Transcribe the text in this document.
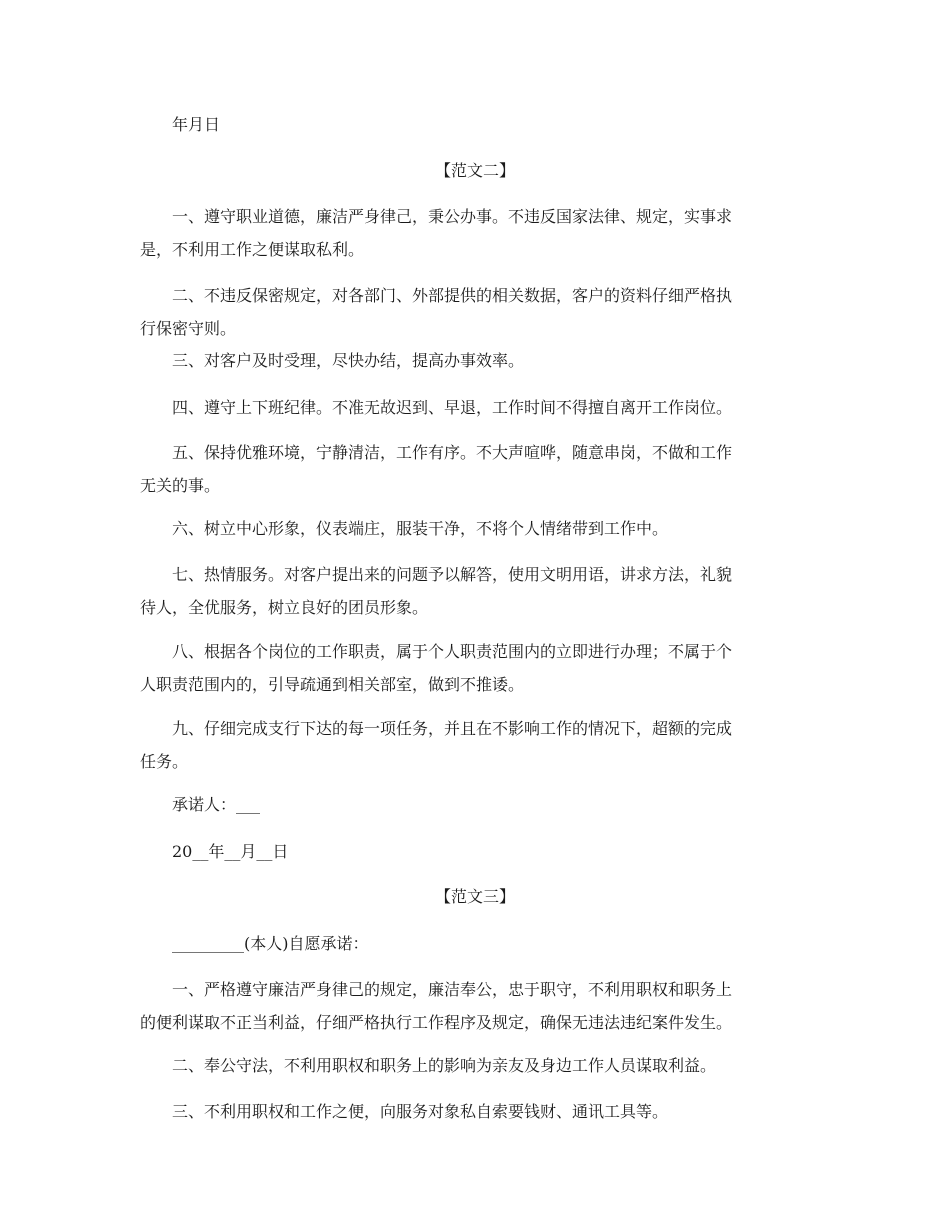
年月日
【范文二】
　　一、遵守职业道德，廉洁严身律己，秉公办事。不违反国家法律、规定，实事求
是，不利用工作之便谋取私利。
　　二、不违反保密规定，对各部门、外部提供的相关数据，客户的资料仔细严格执
行保密守则。
　　三、对客户及时受理，尽快办结，提高办事效率。
　　四、遵守上下班纪律。不准无故迟到、早退，工作时间不得擅自离开工作岗位。
　　五、保持优雅环境，宁静清洁，工作有序。不大声喧哗，随意串岗，不做和工作
无关的事。
　　六、树立中心形象，仪表端庄，服装干净，不将个人情绪带到工作中。
　　七、热情服务。对客户提出来的问题予以解答，使用文明用语，讲求方法，礼貌
待人，全优服务，树立良好的团员形象。
　　八、根据各个岗位的工作职责，属于个人职责范围内的立即进行办理；不属于个
人职责范围内的，引导疏通到相关部室，做到不推诿。
　　九、仔细完成支行下达的每一项任务，并且在不影响工作的情况下，超额的完成
任务。
　　承诺人：___
　　20__年__月__日
【范文三】
　　_________(本人)自愿承诺：
　　一、严格遵守廉洁严身律己的规定，廉洁奉公，忠于职守，不利用职权和职务上
的便利谋取不正当利益，仔细严格执行工作程序及规定，确保无违法违纪案件发生。
　　二、奉公守法，不利用职权和职务上的影响为亲友及身边工作人员谋取利益。
　　三、不利用职权和工作之便，向服务对象私自索要钱财、通讯工具等。
